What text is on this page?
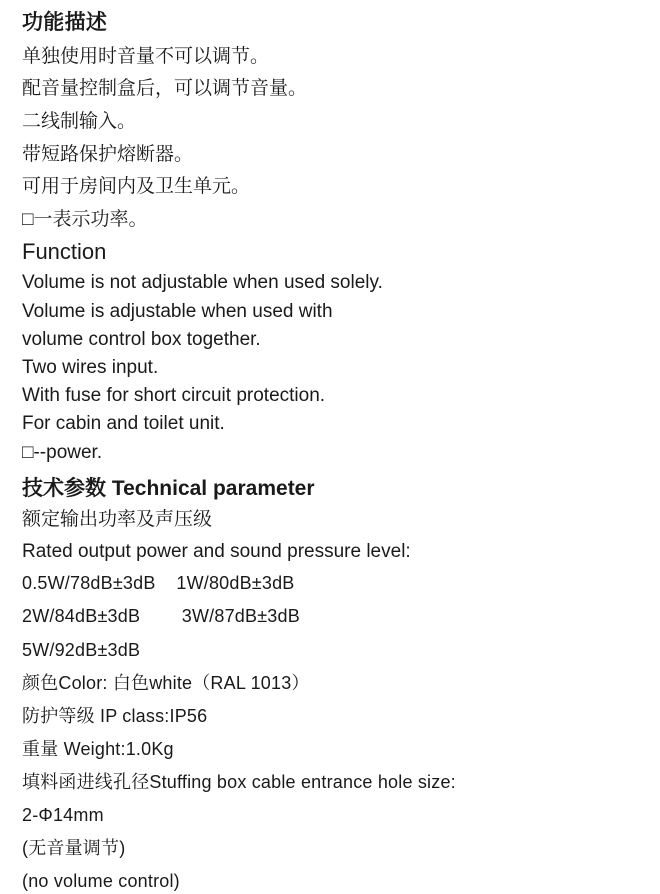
功能描述

单独使用时音量不可以调节。

配音量控制盒后，可以调节音量。

二线制输入。

带短路保护熔断器。

可用于房间内及卫生单元。

□一表示功率。

Function

Volume is not adjustable when used solely.

Volume is adjustable when used with

volume control box together.

Two wires input.

With fuse for short circuit protection.

For cabin and toilet unit.

□--power.

技术参数 Technical parameter

额定输出功率及声压级

Rated output power and sound pressure level:

0.5W/78dB±3dB    1W/80dB±3dB

2W/84dB±3dB        3W/87dB±3dB

5W/92dB±3dB

颜色Color: 白色white（RAL 1013）

防护等级 IP class:IP56

重量 Weight:1.0Kg

填料函进线孔径Stuffing box cable entrance hole size:

2-Φ14mm

(无音量调节)

(no volume control)
